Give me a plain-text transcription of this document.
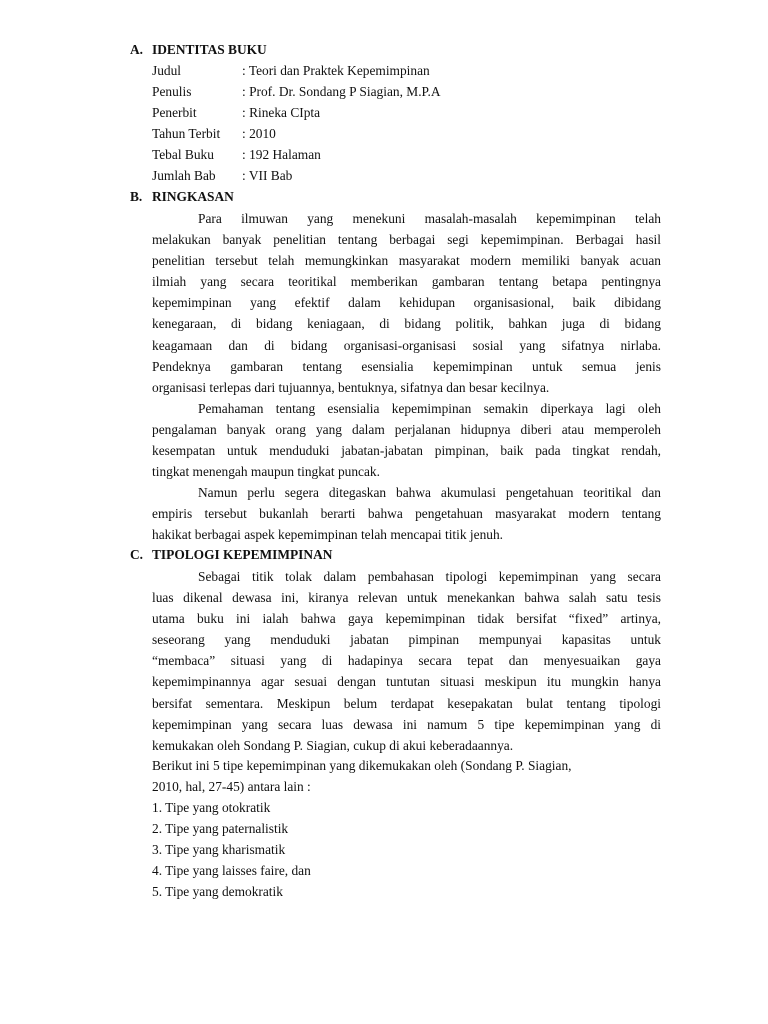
A. IDENTITAS BUKU
Judul	: Teori dan Praktek Kepemimpinan
Penulis	: Prof. Dr. Sondang P Siagian, M.P.A
Penerbit	: Rineka CIpta
Tahun Terbit : 2010
Tebal Buku : 192 Halaman
Jumlah Bab : VII Bab
B. RINGKASAN
Para ilmuwan yang menekuni masalah-masalah kepemimpinan telah
melakukan banyak penelitian tentang berbagai segi kepemimpinan. Berbagai hasil
penelitian tersebut telah memungkinkan masyarakat modern memiliki banyak acuan
ilmiah yang secara teoritikal memberikan gambaran tentang betapa pentingnya
kepemimpinan yang efektif dalam kehidupan organisasional, baik dibidang
kenegaraan, di bidang keniagaan, di bidang politik, bahkan juga di bidang
keagamaan dan di bidang organisasi-organisasi sosial yang sifatnya nirlaba.
Pendeknya gambaran tentang esensialia kepemimpinan untuk semua jenis
organisasi terlepas dari tujuannya, bentuknya, sifatnya dan besar kecilnya.
Pemahaman tentang esensialia kepemimpinan semakin diperkaya lagi oleh
pengalaman banyak orang yang dalam perjalanan hidupnya diberi atau memperoleh
kesempatan untuk menduduki jabatan-jabatan pimpinan, baik pada tingkat rendah,
tingkat menengah maupun tingkat puncak.
Namun perlu segera ditegaskan bahwa akumulasi pengetahuan teoritikal dan
empiris tersebut bukanlah berarti bahwa pengetahuan masyarakat modern tentang
hakikat berbagai aspek kepemimpinan telah mencapai titik jenuh.
C. TIPOLOGI KEPEMIMPINAN
Sebagai titik tolak dalam pembahasan tipologi kepemimpinan yang secara
luas dikenal dewasa ini, kiranya relevan untuk menekankan bahwa salah satu tesis
utama buku ini ialah bahwa gaya kepemimpinan tidak bersifat “fixed” artinya,
seseorang yang menduduki jabatan pimpinan mempunyai kapasitas untuk
“membaca” situasi yang di hadapinya secara tepat dan menyesuaikan gaya
kepemimpinannya agar sesuai dengan tuntutan situasi meskipun itu mungkin hanya
bersifat sementara. Meskipun belum terdapat kesepakatan bulat tentang tipologi
kepemimpinan yang secara luas dewasa ini namum 5 tipe kepemimpinan yang di
kemukakan oleh Sondang P. Siagian, cukup di akui keberadaannya.
Berikut ini 5 tipe kepemimpinan yang dikemukakan oleh (Sondang P. Siagian,
2010, hal, 27-45) antara lain :
1. Tipe yang otokratik
2. Tipe yang paternalistik
3. Tipe yang kharismatik
4. Tipe yang laisses faire, dan
5. Tipe yang demokratik
